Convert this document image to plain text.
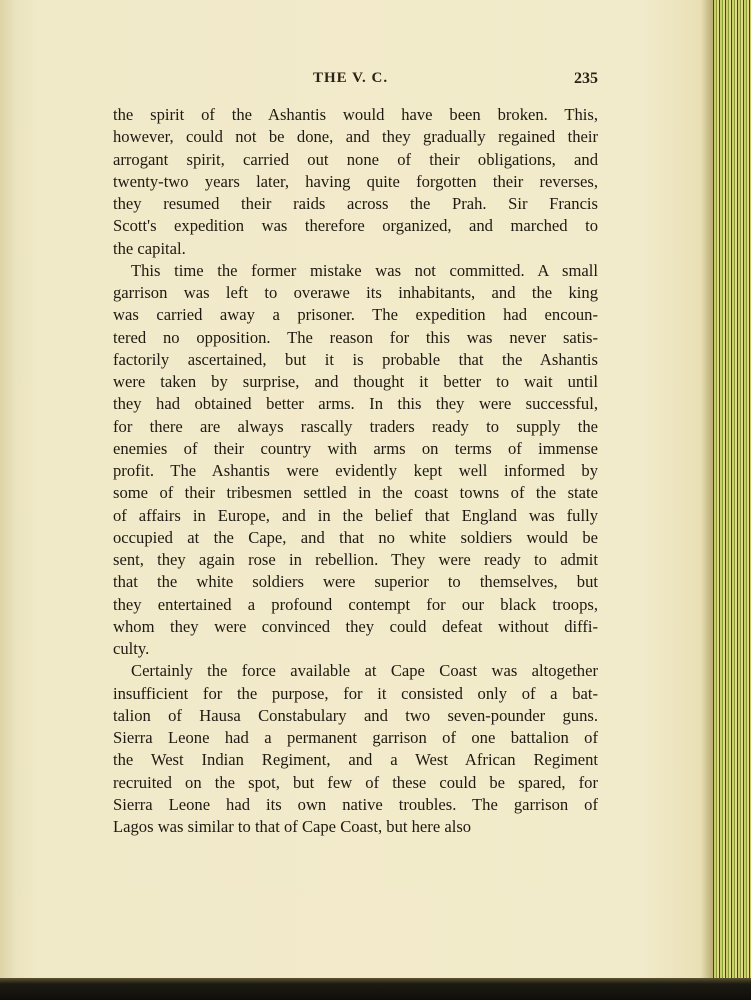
THE V. C.	235
the spirit of the Ashantis would have been broken. This,
however, could not be done, and they gradually regained their
arrogant spirit, carried out none of their obligations, and
twenty-two years later, having quite forgotten their reverses,
they resumed their raids across the Prah. Sir Francis
Scott's expedition was therefore organized, and marched to
the capital.
This time the former mistake was not committed. A small
garrison was left to overawe its inhabitants, and the king
was carried away a prisoner. The expedition had encoun-
tered no opposition. The reason for this was never satis-
factorily ascertained, but it is probable that the Ashantis
were taken by surprise, and thought it better to wait until
they had obtained better arms. In this they were successful,
for there are always rascally traders ready to supply the
enemies of their country with arms on terms of immense
profit. The Ashantis were evidently kept well informed by
some of their tribesmen settled in the coast towns of the state
of affairs in Europe, and in the belief that England was fully
occupied at the Cape, and that no white soldiers would be
sent, they again rose in rebellion. They were ready to admit
that the white soldiers were superior to themselves, but
they entertained a profound contempt for our black troops,
whom they were convinced they could defeat without diffi-
culty.
Certainly the force available at Cape Coast was altogether
insufficient for the purpose, for it consisted only of a bat-
talion of Hausa Constabulary and two seven-pounder guns.
Sierra Leone had a permanent garrison of one battalion of
the West Indian Regiment, and a West African Regiment
recruited on the spot, but few of these could be spared, for
Sierra Leone had its own native troubles. The garrison of
Lagos was similar to that of Cape Coast, but here also
